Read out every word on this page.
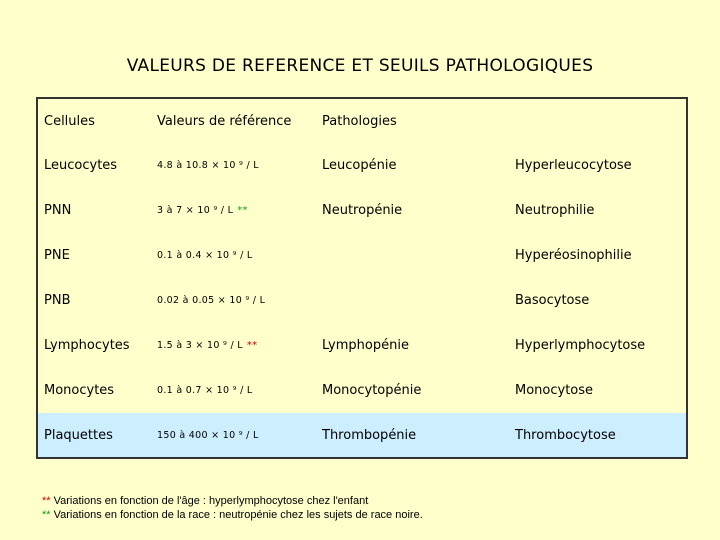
VALEURS DE REFERENCE ET SEUILS PATHOLOGIQUES
Cellules	Valeurs de référence	Pathologies	
Leucocytes	4.8 à 10.8 × 10 ⁹ / L	Leucopénie	Hyperleucocytose
PNN	3 à 7 × 10 ⁹ / L **	Neutropénie	Neutrophilie
PNE	0.1 à 0.4 × 10 ⁹ / L		Hyperéosinophilie
PNB	0.02 à 0.05 × 10 ⁹ / L		Basocytose
Lymphocytes	1.5 à 3 × 10 ⁹ / L **	Lymphopénie	Hyperlymphocytose
Monocytes	0.1 à 0.7 × 10 ⁹ / L	Monocytopénie	Monocytose
Plaquettes	150 à 400 × 10 ⁹ / L	Thrombopénie	Thrombocytose
** Variations en fonction de l'âge : hyperlymphocytose chez l'enfant
** Variations en fonction de la race : neutropénie chez les sujets de race noire.
